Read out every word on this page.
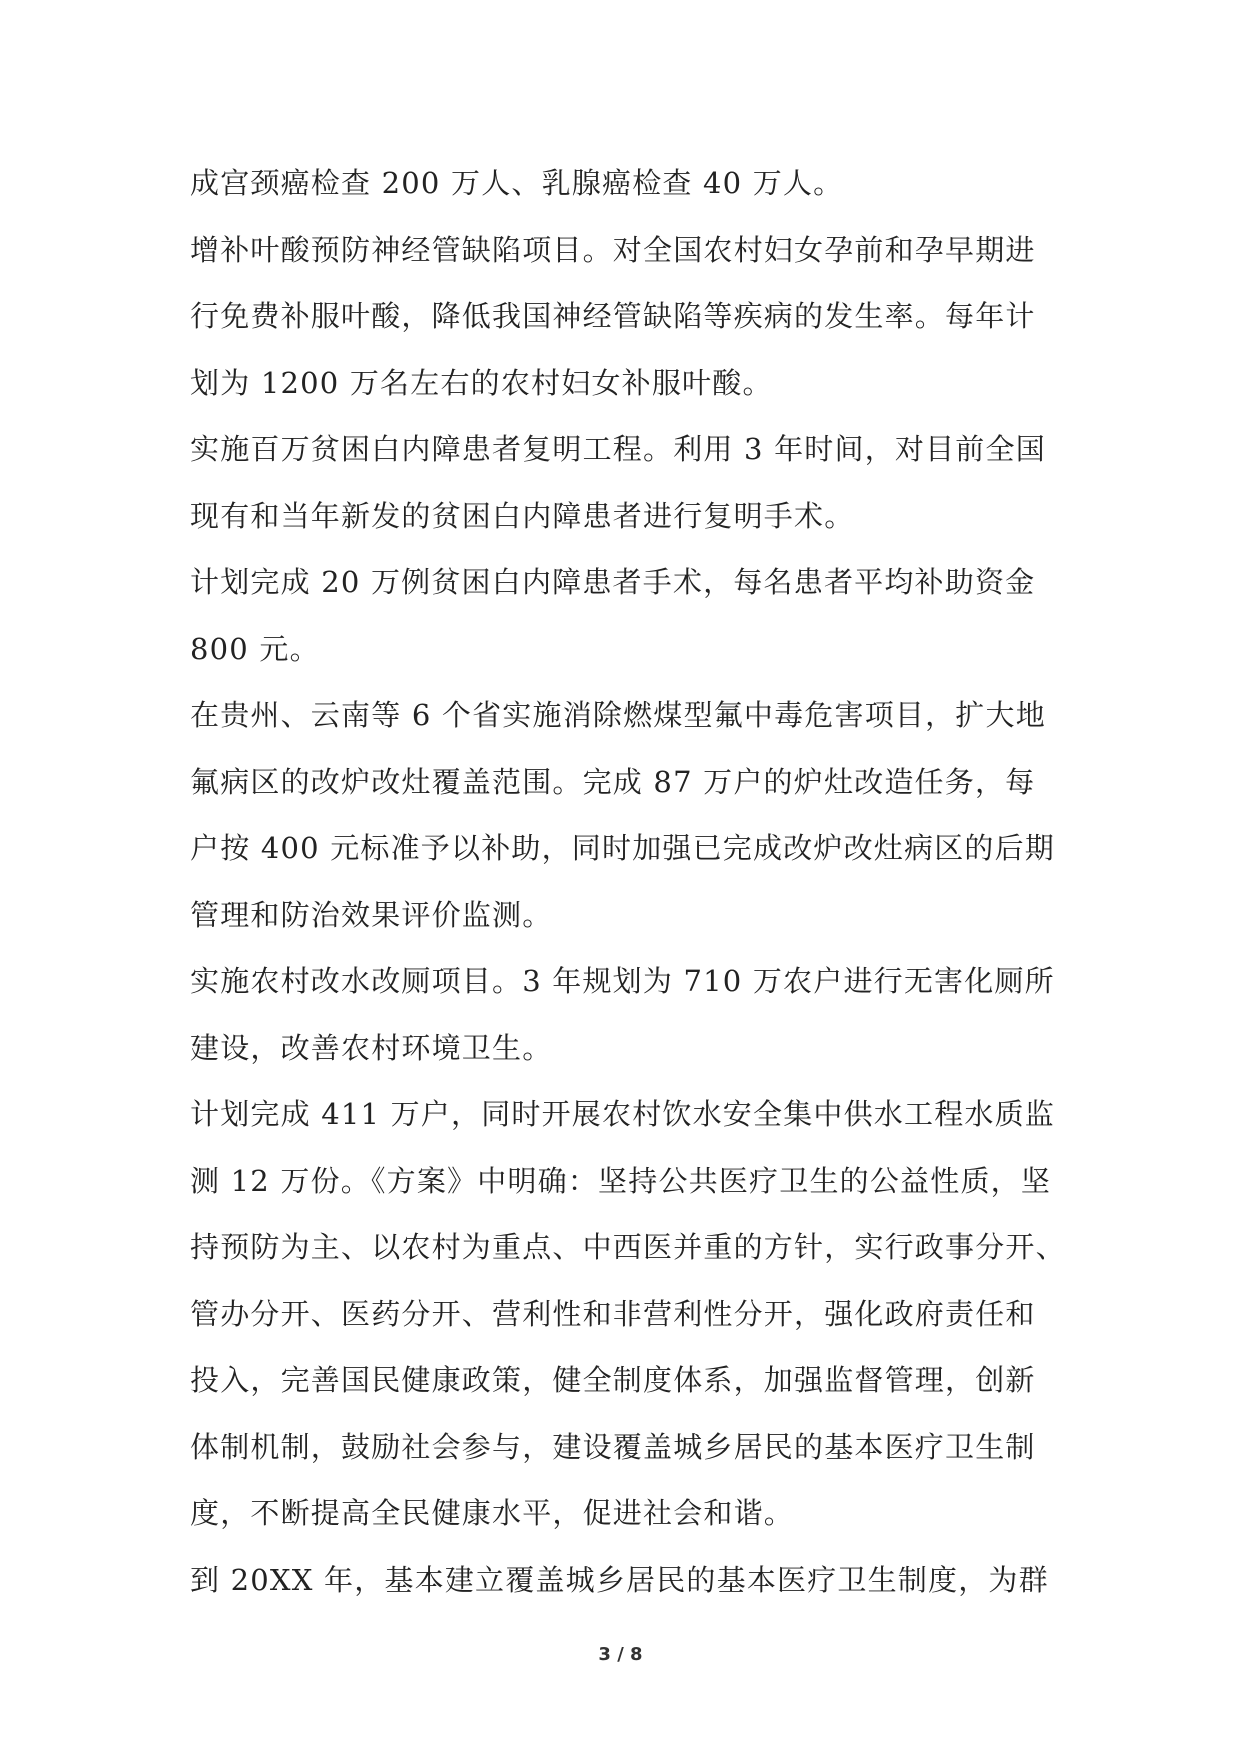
成宫颈癌检查 200 万人、乳腺癌检查 40 万人。
增补叶酸预防神经管缺陷项目。对全国农村妇女孕前和孕早期进
行免费补服叶酸，降低我国神经管缺陷等疾病的发生率。每年计
划为 1200 万名左右的农村妇女补服叶酸。
实施百万贫困白内障患者复明工程。利用 3 年时间，对目前全国
现有和当年新发的贫困白内障患者进行复明手术。
计划完成 20 万例贫困白内障患者手术，每名患者平均补助资金
800 元。
在贵州、云南等 6 个省实施消除燃煤型氟中毒危害项目，扩大地
氟病区的改炉改灶覆盖范围。完成 87 万户的炉灶改造任务，每
户按 400 元标准予以补助，同时加强已完成改炉改灶病区的后期
管理和防治效果评价监测。
实施农村改水改厕项目。3 年规划为 710 万农户进行无害化厕所
建设，改善农村环境卫生。
计划完成 411 万户，同时开展农村饮水安全集中供水工程水质监
测 12 万份。《方案》中明确：坚持公共医疗卫生的公益性质，坚
持预防为主、以农村为重点、中西医并重的方针，实行政事分开、
管办分开、医药分开、营利性和非营利性分开，强化政府责任和
投入，完善国民健康政策，健全制度体系，加强监督管理，创新
体制机制，鼓励社会参与，建设覆盖城乡居民的基本医疗卫生制
度，不断提高全民健康水平，促进社会和谐。
到 20XX 年，基本建立覆盖城乡居民的基本医疗卫生制度，为群
3 / 8
